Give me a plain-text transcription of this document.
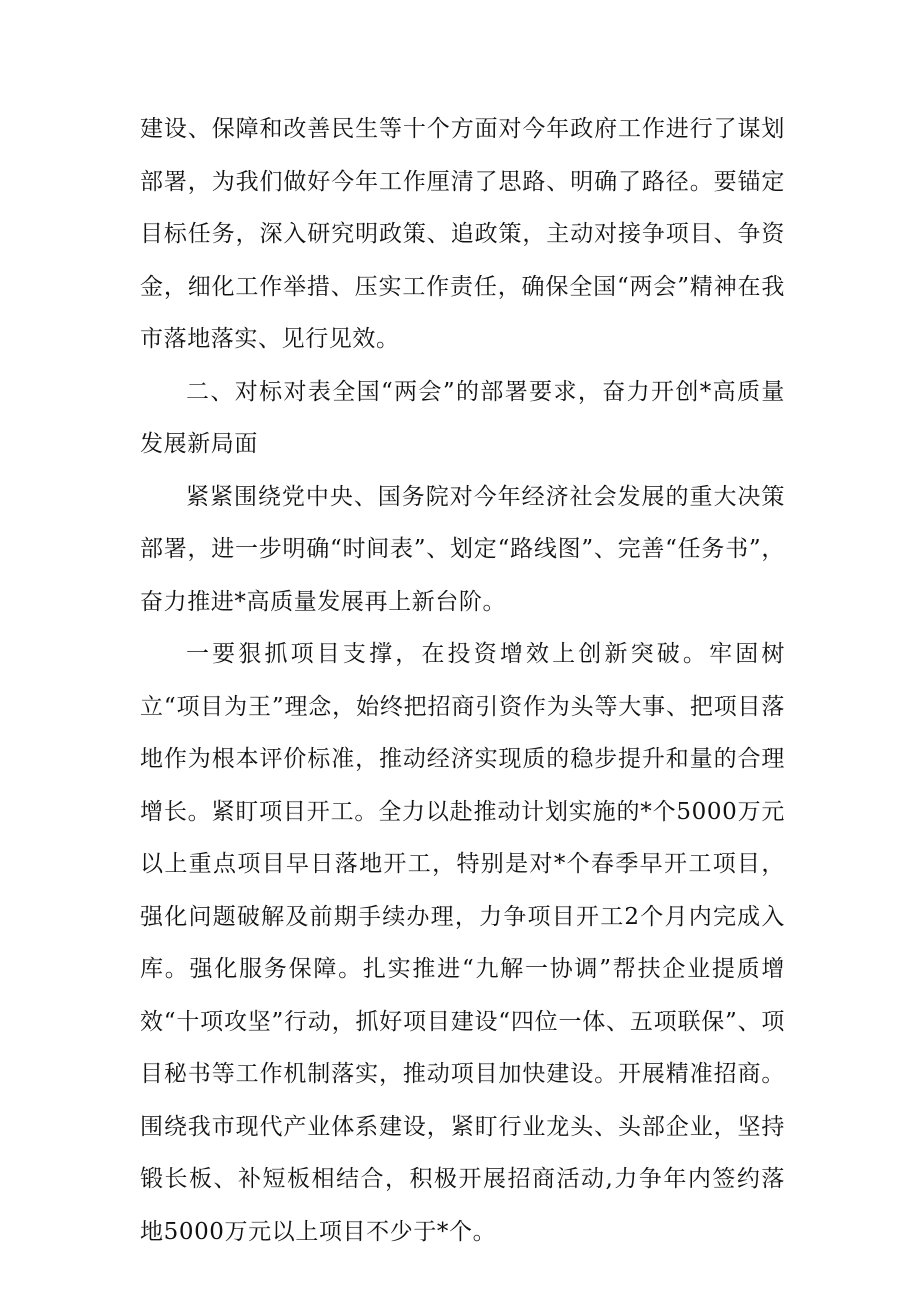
建设、保障和改善民生等十个方面对今年政府工作进行了谋划部署，为我们做好今年工作厘清了思路、明确了路径。要锚定目标任务，深入研究明政策、追政策，主动对接争项目、争资金，细化工作举措、压实工作责任，确保全国“两会”精神在我市落地落实、见行见效。

二、对标对表全国“两会”的部署要求，奋力开创*高质量发展新局面

紧紧围绕党中央、国务院对今年经济社会发展的重大决策部署，进一步明确“时间表”、划定“路线图”、完善“任务书”，奋力推进*高质量发展再上新台阶。

一要狠抓项目支撑，在投资增效上创新突破。牢固树立“项目为王”理念，始终把招商引资作为头等大事、把项目落地作为根本评价标准，推动经济实现质的稳步提升和量的合理增长。紧盯项目开工。全力以赴推动计划实施的*个5000万元以上重点项目早日落地开工，特别是对*个春季早开工项目，强化问题破解及前期手续办理，力争项目开工2个月内完成入库。强化服务保障。扎实推进“九解一协调”帮扶企业提质增效“十项攻坚”行动，抓好项目建设“四位一体、五项联保”、项目秘书等工作机制落实，推动项目加快建设。开展精准招商。围绕我市现代产业体系建设，紧盯行业龙头、头部企业，坚持锻长板、补短板相结合，积极开展招商活动,力争年内签约落地5000万元以上项目不少于*个。
